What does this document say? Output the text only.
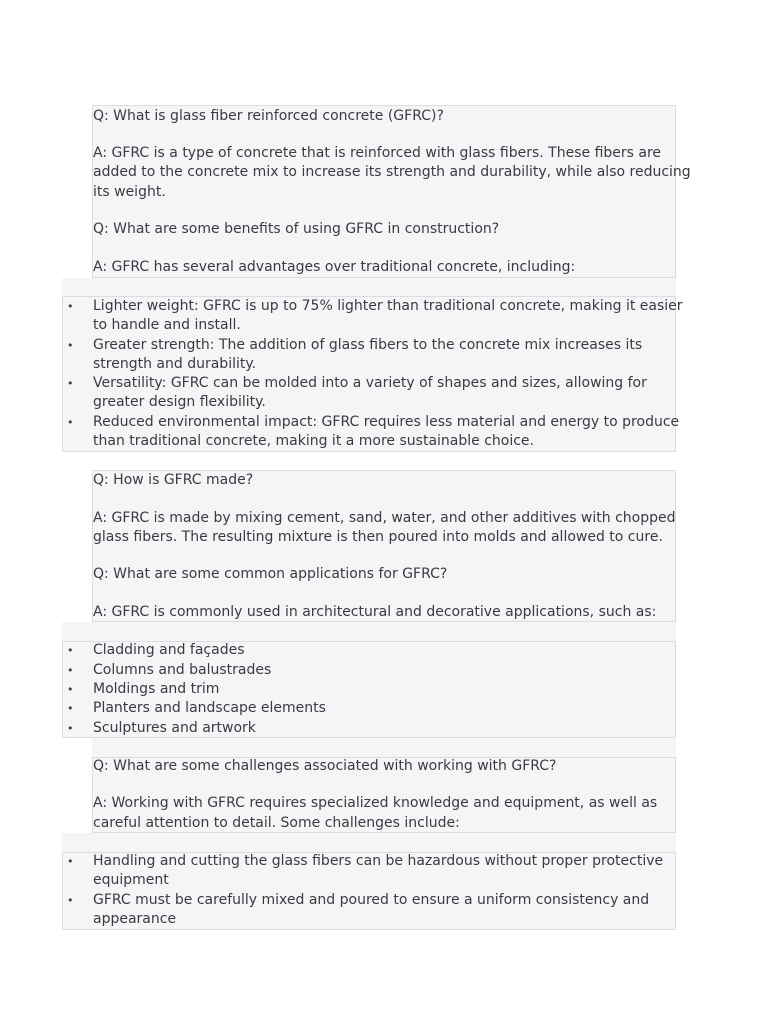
Q: What is glass fiber reinforced concrete (GFRC)?

A: GFRC is a type of concrete that is reinforced with glass fibers. These fibers are

added to the concrete mix to increase its strength and durability, while also reducing

its weight.

Q: What are some benefits of using GFRC in construction?

A: GFRC has several advantages over traditional concrete, including:

• Lighter weight: GFRC is up to 75% lighter than traditional concrete, making it easier

to handle and install.

• Greater strength: The addition of glass fibers to the concrete mix increases its

strength and durability.

• Versatility: GFRC can be molded into a variety of shapes and sizes, allowing for

greater design flexibility.

• Reduced environmental impact: GFRC requires less material and energy to produce

than traditional concrete, making it a more sustainable choice.

Q: How is GFRC made?

A: GFRC is made by mixing cement, sand, water, and other additives with chopped

glass fibers. The resulting mixture is then poured into molds and allowed to cure.

Q: What are some common applications for GFRC?

A: GFRC is commonly used in architectural and decorative applications, such as:

• Cladding and façades

• Columns and balustrades

• Moldings and trim

• Planters and landscape elements

• Sculptures and artwork

Q: What are some challenges associated with working with GFRC?

A: Working with GFRC requires specialized knowledge and equipment, as well as

careful attention to detail. Some challenges include:

• Handling and cutting the glass fibers can be hazardous without proper protective

equipment

• GFRC must be carefully mixed and poured to ensure a uniform consistency and

appearance
